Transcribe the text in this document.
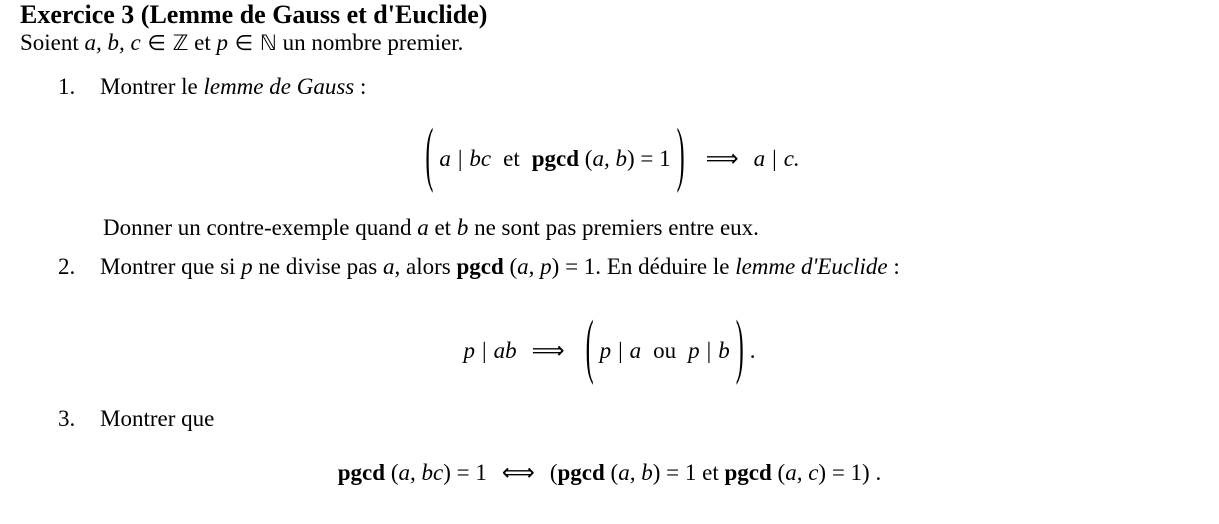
Exercice 3 (Lemme de Gauss et d'Euclide)
Soient a, b, c ∈ ℤ et p ∈ ℕ un nombre premier.
1. Montrer le lemme de Gauss :
( a | bc et pgcd (a, b) = 1 ) ⟹ a | c.
Donner un contre-exemple quand a et b ne sont pas premiers entre eux.
2. Montrer que si p ne divise pas a, alors pgcd (a, p) = 1. En déduire le lemme d'Euclide :
p | ab ⟹ ( p | a ou p | b ) .
3. Montrer que
pgcd (a, bc) = 1 ⟺ (pgcd (a, b) = 1 et pgcd (a, c) = 1) .
